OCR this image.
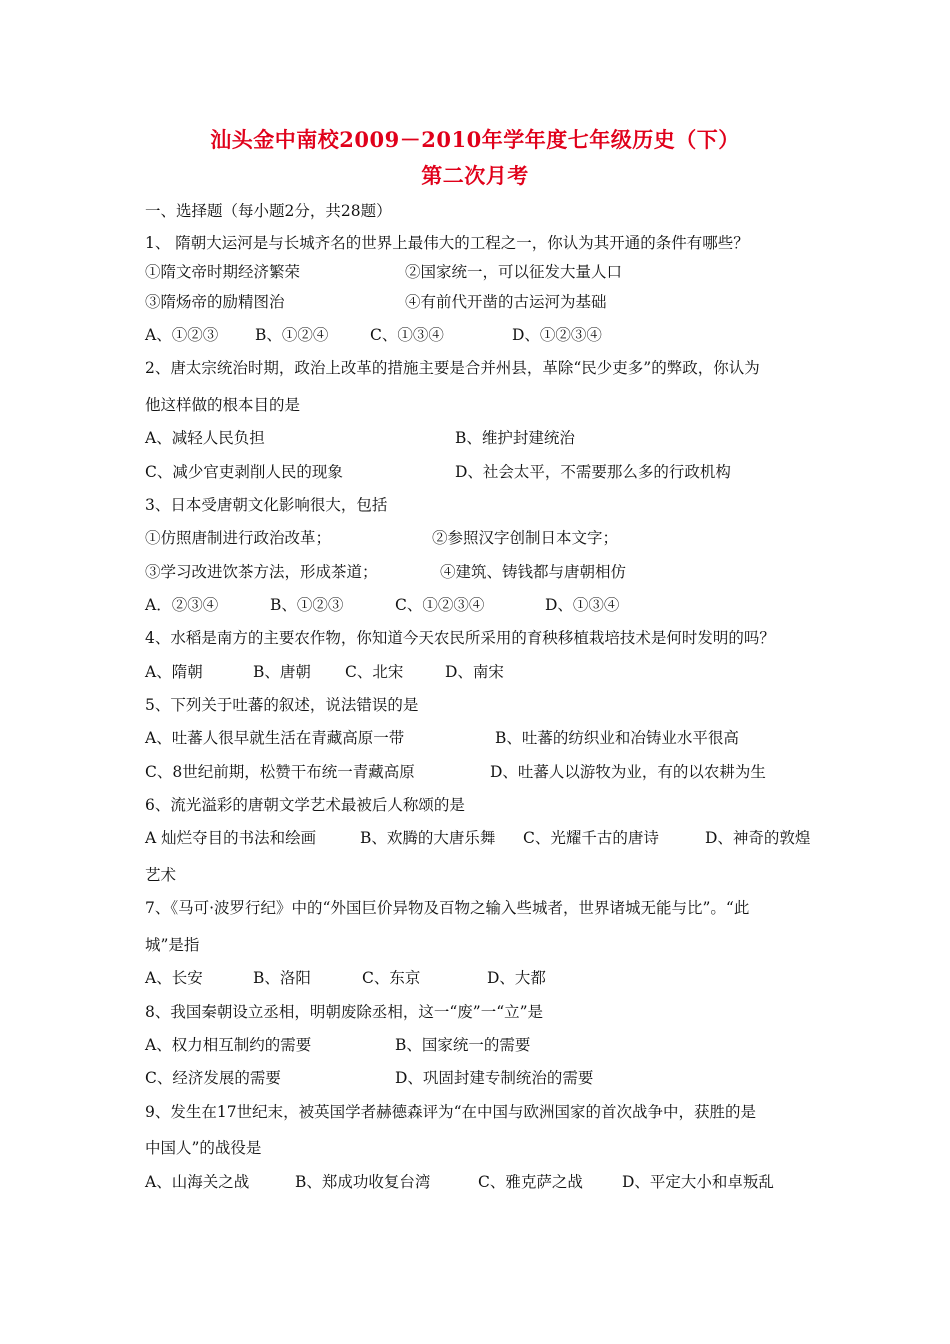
汕头金中南校2009－2010年学年度七年级历史（下）
第二次月考
一、选择题（每小题2分，共28题）
1、 隋朝大运河是与长城齐名的世界上最伟大的工程之一，你认为其开通的条件有哪些？
①隋文帝时期经济繁荣	②国家统一，可以征发大量人口
③隋炀帝的励精图治	④有前代开凿的古运河为基础
A、①②③ B、①②④	C、①③④	D、①②③④
2、唐太宗统治时期，政治上改革的措施主要是合并州县，革除“民少吏多”的弊政，你认为
他这样做的根本目的是
A、减轻人民负担	B、维护封建统治
C、减少官吏剥削人民的现象	D、社会太平，不需要那么多的行政机构
3、日本受唐朝文化影响很大，包括
①仿照唐制进行政治改革；	②参照汉字创制日本文字；
③学习改进饮茶方法，形成茶道；	④建筑、铸钱都与唐朝相仿
A．②③④	B、①②③	C、①②③④	D、①③④
4、水稻是南方的主要农作物，你知道今天农民所采用的育秧移植栽培技术是何时发明的吗？
A、隋朝	B、唐朝 C、北宋	D、南宋
5、下列关于吐蕃的叙述，说法错误的是
A、吐蕃人很早就生活在青藏高原一带	B、吐蕃的纺织业和冶铸业水平很高
C、8世纪前期，松赞干布统一青藏高原	D、吐蕃人以游牧为业，有的以农耕为生
6、流光溢彩的唐朝文学艺术最被后人称颂的是
A 灿烂夺目的书法和绘画	B、欢腾的大唐乐舞 C、光耀千古的唐诗	D、神奇的敦煌
艺术
7、《马可·波罗行纪》中的“外国巨价异物及百物之输入些城者，世界诸城无能与比”。“此
城”是指
A、长安	B、洛阳	C、东京	D、大都
8、我国秦朝设立丞相，明朝废除丞相，这一“废”一“立”是
A、权力相互制约的需要	B、国家统一的需要
C、经济发展的需要	D、巩固封建专制统治的需要
9、发生在17世纪末，被英国学者赫德森评为“在中国与欧洲国家的首次战争中，获胜的是
中国人”的战役是
A、山海关之战	B、郑成功收复台湾	C、雅克萨之战	D、平定大小和卓叛乱
